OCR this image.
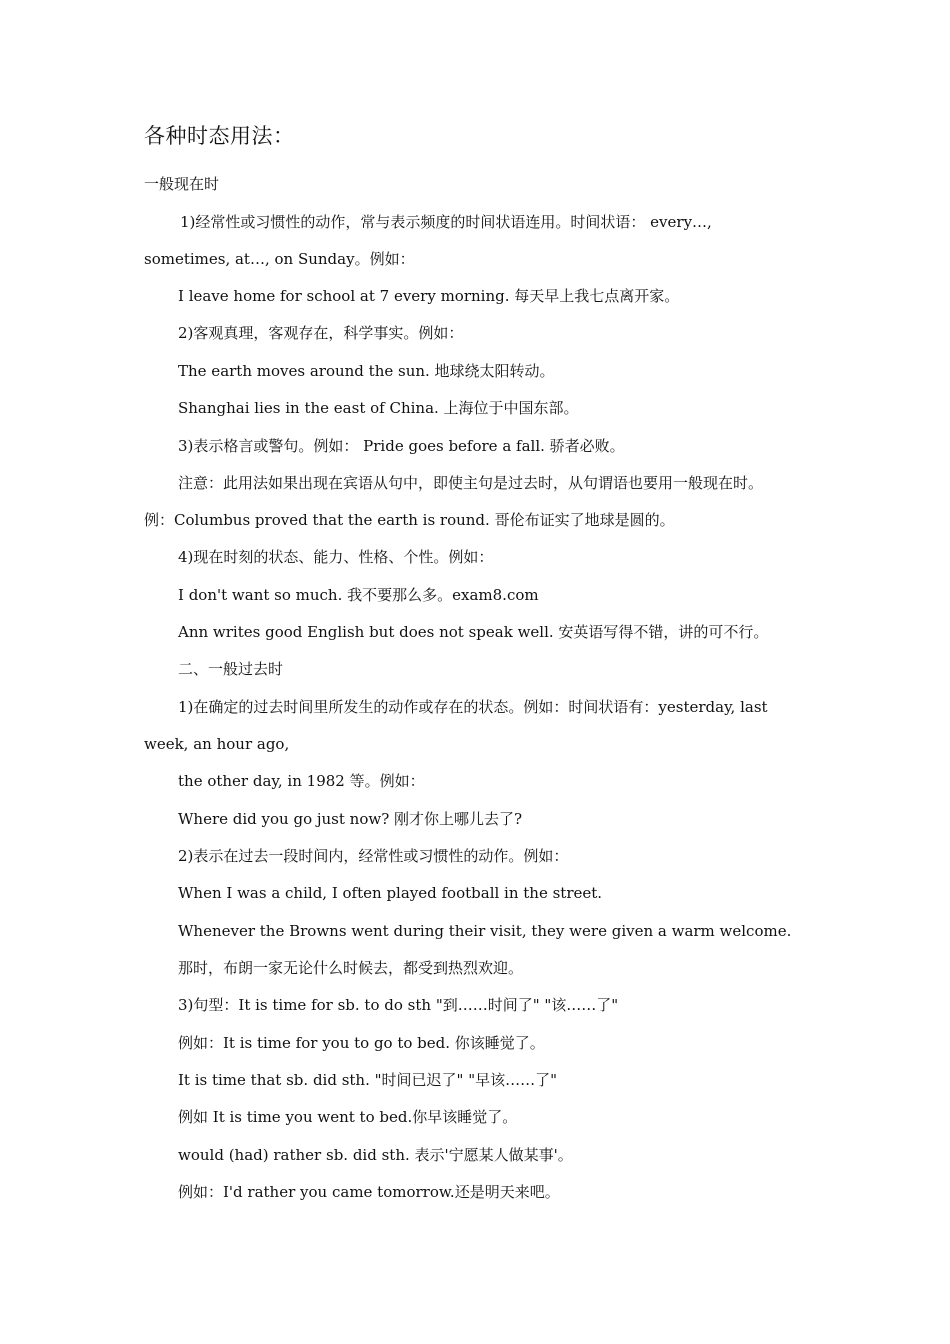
各种时态用法：
一般现在时
1)经常性或习惯性的动作，常与表示频度的时间状语连用。时间状语： every…,
sometimes, at…, on Sunday。例如：
I leave home for school at 7 every morning. 每天早上我七点离开家。
2)客观真理，客观存在，科学事实。例如：
The earth moves around the sun. 地球绕太阳转动。
Shanghai lies in the east of China. 上海位于中国东部。
3)表示格言或警句。例如： Pride goes before a fall. 骄者必败。
注意：此用法如果出现在宾语从句中，即使主句是过去时，从句谓语也要用一般现在时。
例：Columbus proved that the earth is round. 哥伦布证实了地球是圆的。
4)现在时刻的状态、能力、性格、个性。例如：
I don't want so much. 我不要那么多。exam8.com
Ann writes good English but does not speak well. 安英语写得不错，讲的可不行。
二、一般过去时
1)在确定的过去时间里所发生的动作或存在的状态。例如：时间状语有：yesterday, last
week, an hour ago,
the other day, in 1982 等。例如：
Where did you go just now? 刚才你上哪儿去了?
2)表示在过去一段时间内，经常性或习惯性的动作。例如：
When I was a child, I often played football in the street.
Whenever the Browns went during their visit, they were given a warm welcome.
那时，布朗一家无论什么时候去，都受到热烈欢迎。
3)句型：It is time for sb. to do sth "到……时间了" "该……了"
例如：It is time for you to go to bed. 你该睡觉了。
It is time that sb. did sth. "时间已迟了" "早该……了"
例如 It is time you went to bed.你早该睡觉了。
would (had) rather sb. did sth. 表示'宁愿某人做某事'。
例如：I'd rather you came tomorrow.还是明天来吧。
